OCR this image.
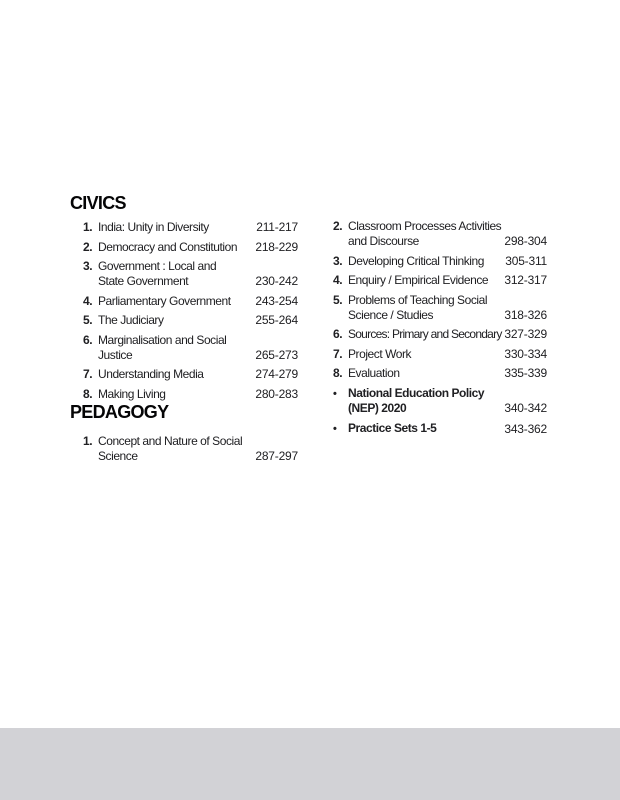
CIVICS
1. India: Unity in Diversity	211-217
2. Democracy and Constitution	218-229
3. Government : Local and
State Government	230-242
4. Parliamentary Government	243-254
5. The Judiciary	255-264
6. Marginalisation and Social
Justice	265-273
7. Understanding Media	274-279
8. Making Living	280-283
PEDAGOGY
1. Concept and Nature of Social
Science	287-297
2. Classroom Processes Activities
and Discourse	298-304
3. Developing Critical Thinking	305-311
4. Enquiry / Empirical Evidence	312-317
5. Problems of Teaching Social
Science / Studies	318-326
6. Sources: Primary and Secondary 327-329
7. Project Work	330-334
8. Evaluation	335-339
• National Education Policy
(NEP) 2020	340-342
• Practice Sets 1-5	343-362
